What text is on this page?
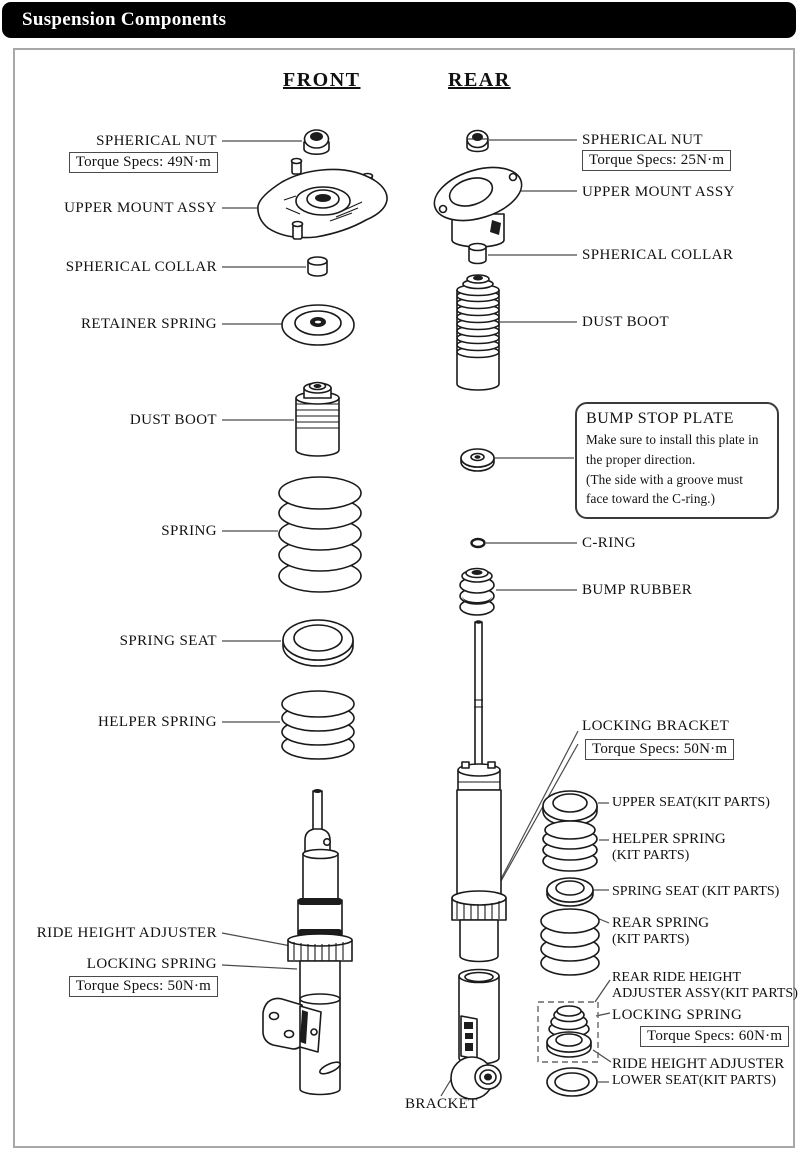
Suspension Components
FRONT	REAR
SPHERICAL NUT
Torque Specs: 49N·m
UPPER MOUNT ASSY
SPHERICAL COLLAR
RETAINER SPRING
DUST BOOT
SPRING
SPRING SEAT
HELPER SPRING
RIDE HEIGHT ADJUSTER
LOCKING SPRING
Torque Specs: 50N·m
SPHERICAL NUT
Torque Specs: 25N·m
UPPER MOUNT ASSY
SPHERICAL COLLAR
DUST BOOT
BUMP STOP PLATE
Make sure to install this plate in the proper direction.
(The side with a groove must face toward the C-ring.)
C-RING
BUMP RUBBER
LOCKING BRACKET
Torque Specs: 50N·m
UPPER SEAT(KIT PARTS)
HELPER SPRING
(KIT PARTS)
SPRING SEAT (KIT PARTS)
REAR SPRING
(KIT PARTS)
REAR RIDE HEIGHT
ADJUSTER ASSY(KIT PARTS)
LOCKING SPRING
Torque Specs: 60N·m
RIDE HEIGHT ADJUSTER
LOWER SEAT(KIT PARTS)
BRACKET
